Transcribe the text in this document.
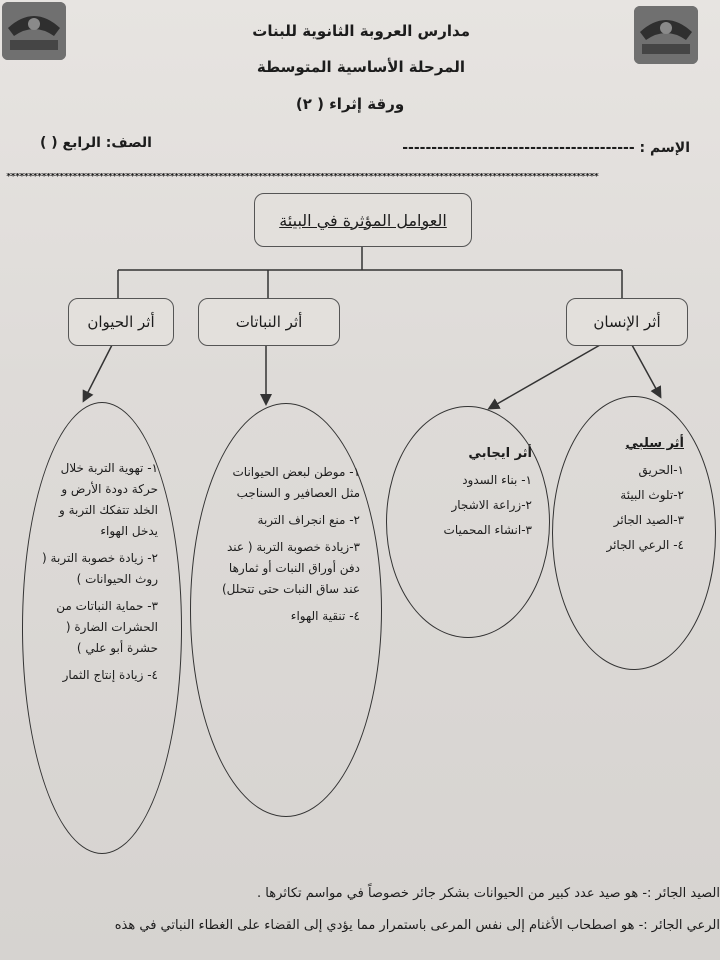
مدارس العروبة الثانوية للبنات
المرحلة الأساسية المتوسطة
ورقة إثراء ( ٢)
الإسم : ----------------------------------------
الصف: الرابع ( )
**************************************************************************************************************************************
العوامل المؤثرة في البيئة
أثر الحيوان	أثر النباتات	أثر الإنسان
أثر سلبي
١-الحريق
٢-تلوث البيئة
٣-الصيد الجائر
٤- الرعي الجائر
أثر ايجابي
١- بناء السدود
٢-زراعة الاشجار
٣-انشاء المحميات
١- موطن لبعض الحيوانات مثل العصافير و السناجب
٢- منع انجراف التربة
٣-زيادة خصوبة التربة ( عند دفن أوراق النبات أو ثمارها عند ساق النبات حتى تتحلل)
٤- تنقية الهواء
١- تهوية التربة خلال حركة دودة الأرض و الخلد تتفكك التربة و يدخل الهواء
٢- زيادة خصوبة التربة ( روث الحيوانات )
٣- حماية النباتات من الحشرات الضارة ( حشرة أبو علي )
٤- زيادة إنتاج الثمار
الصيد الجائر :- هو صيد عدد كبير من الحيوانات بشكر جائر خصوصاً في مواسم تكاثرها .
الرعي الجائر :- هو اصطحاب الأغنام إلى نفس المرعى باستمرار مما يؤدي إلى القضاء على الغطاء النباتي في هذه
